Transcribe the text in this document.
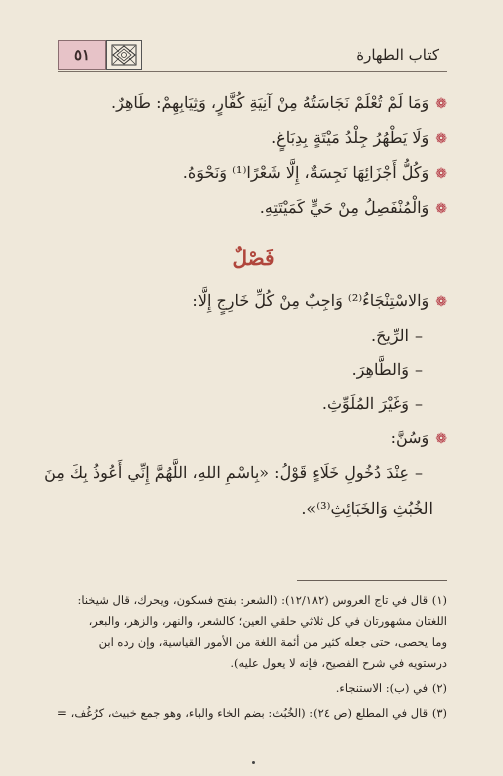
كتاب الطهارة
٥١
❁
وَمَا لَمْ تُعْلَمْ نَجَاسَتُهُ مِنْ آنِيَةِ كُفَّارٍ، وَثِيَابِهِمْ: طَاهِرٌ.
❁
وَلَا يَطْهُرُ جِلْدُ مَيْتَةٍ بِدِبَاغٍ.
❁
وَكُلُّ أَجْزَائِهَا نَجِسَةٌ، إِلَّا شَعْرًا⁽¹⁾ وَنَحْوَهُ.
❁
وَالْمُنْفَصِلُ مِنْ حَيٍّ كَمَيْتَتِهِ.
فَصْلٌ
❁
وَالاسْتِنْجَاءُ⁽²⁾ وَاجِبٌ مِنْ كُلِّ خَارِجٍ إِلَّا:
–
الرِّيحَ.
–
وَالطَّاهِرَ.
–
وَغَيْرَ المُلَوِّثِ.
❁
وَسُنَّ:
–
عِنْدَ دُخُولِ خَلَاءٍ قَوْلُ: «بِاسْمِ اللهِ، اللَّهُمَّ إِنِّي أَعُوذُ بِكَ مِنَ
الخُبُثِ وَالخَبَائِثِ⁽³⁾».
(١) قال في تاج العروس (١٢/١٨٢): (الشعر: بفتح فسكون، ويحرك، قال شيخنا:
اللغتان مشهورتان في كل ثلاثي حلقي العين؛ كالشعر، والنهر، والزهر، والبعر،
وما يحصى، حتى جعله كثير من أئمة اللغة من الأمور القياسية، وإن رده ابن
درستويه في شرح الفصيح، فإنه لا يعول عليه).
(٢) في (ب): الاستنجاء.
(٣) قال في المطلع (ص ٢٤): (الخُبُث: بضم الخاء والباء، وهو جمع خبيث، كرُغُف، =
